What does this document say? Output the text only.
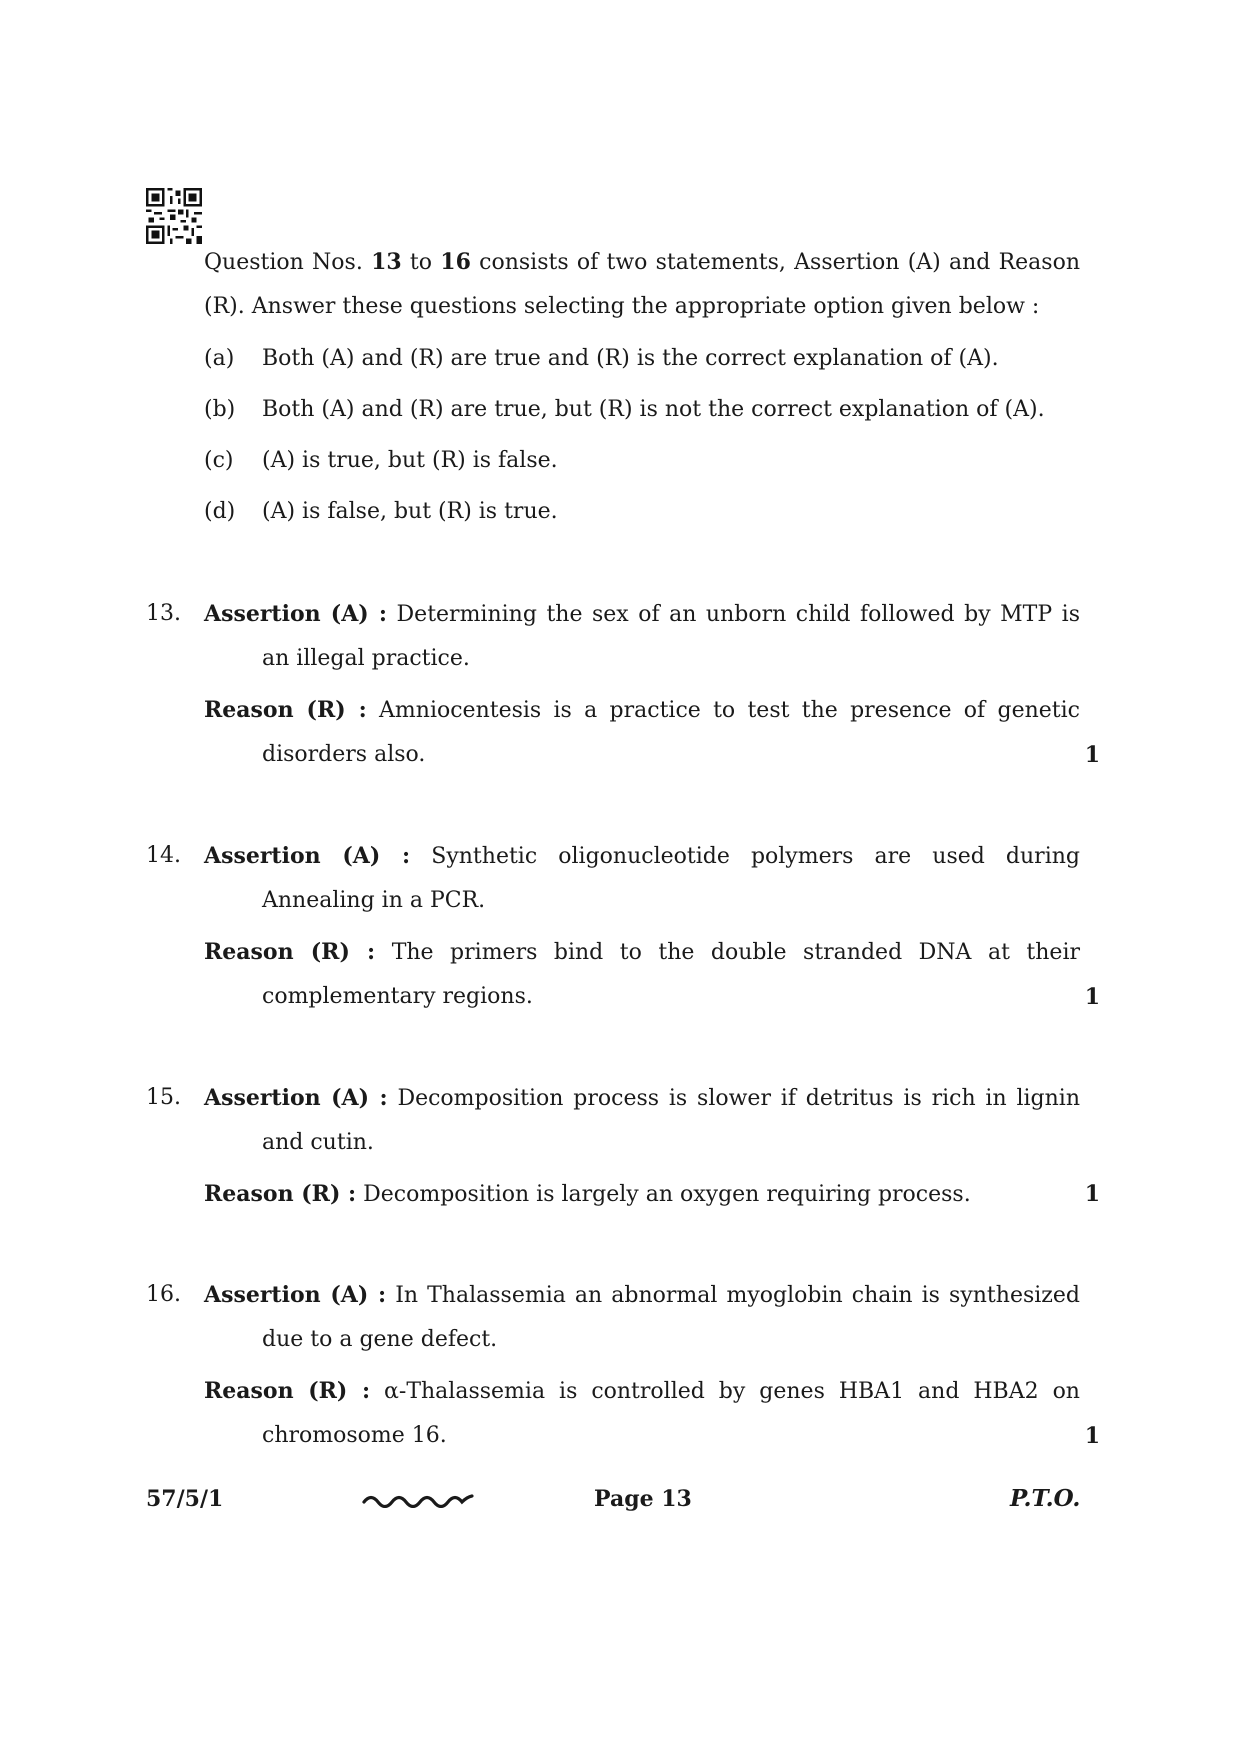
Question Nos. 13 to 16 consists of two statements, Assertion (A) and Reason
(R). Answer these questions selecting the appropriate option given below :
(a) Both (A) and (R) are true and (R) is the correct explanation of (A).
(b) Both (A) and (R) are true, but (R) is not the correct explanation of (A).
(c) (A) is true, but (R) is false.
(d) (A) is false, but (R) is true.
13. Assertion (A) : Determining the sex of an unborn child followed by MTP is
an illegal practice.
Reason (R) : Amniocentesis is a practice to test the presence of genetic
disorders also.	1
14. Assertion (A) : Synthetic oligonucleotide polymers are used during
Annealing in a PCR.
Reason (R) : The primers bind to the double stranded DNA at their
complementary regions.	1
15. Assertion (A) : Decomposition process is slower if detritus is rich in lignin
and cutin.
Reason (R) : Decomposition is largely an oxygen requiring process.	1
16. Assertion (A) : In Thalassemia an abnormal myoglobin chain is synthesized
due to a gene defect.
Reason (R) : α-Thalassemia is controlled by genes HBA1 and HBA2 on
chromosome 16.	1
57/5/1	Page 13	P.T.O.
